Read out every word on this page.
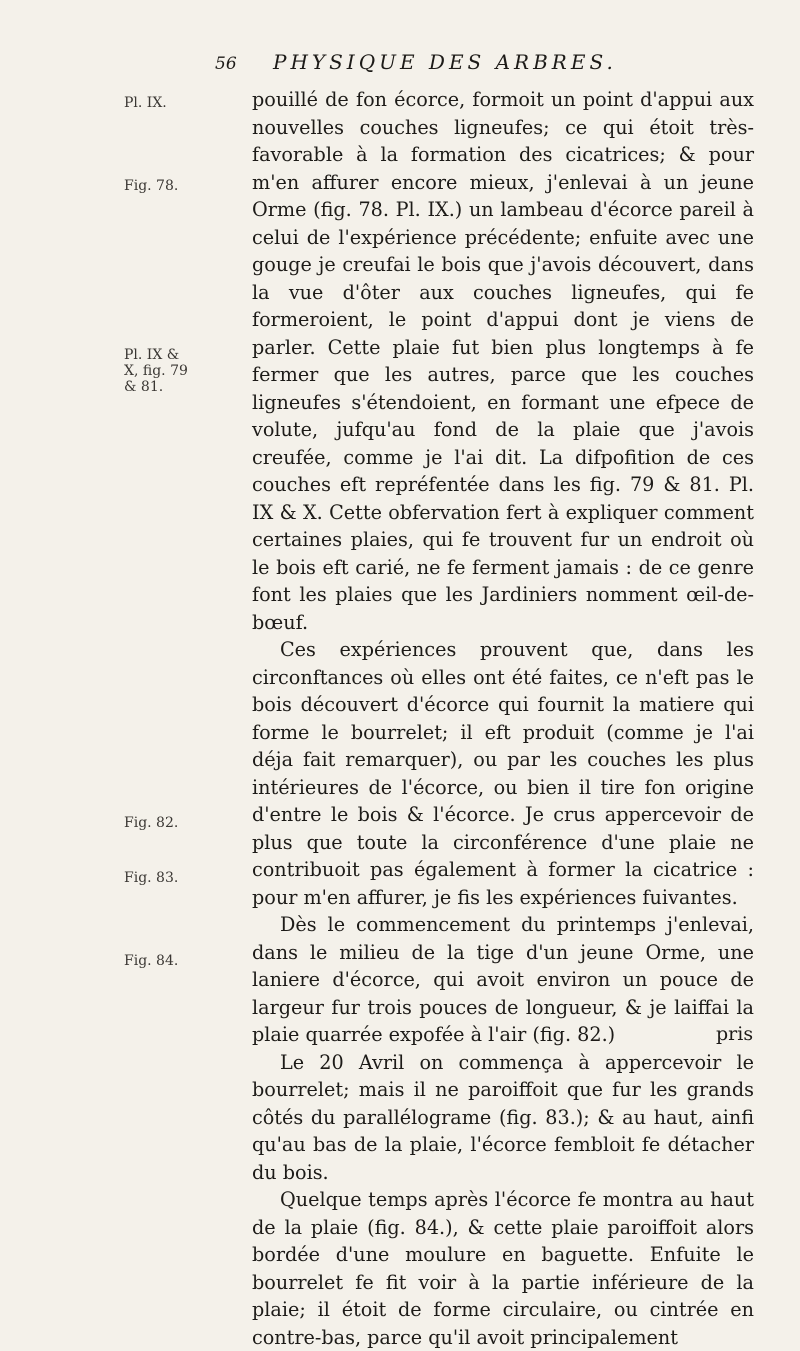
56 PHYSIQUE DES ARBRES.
Pl. IX.
Fig. 78.
Pl. IX & X, fig. 79 & 81.
Fig. 82.
Fig. 83.
Fig. 84.

pouillé de fon écorce, formoit un point d'appui aux nouvelles couches ligneufes; ce qui étoit très-favorable à la formation des cicatrices; & pour m'en affurer encore mieux, j'enlevai à un jeune Orme (fig. 78. Pl. IX.) un lambeau d'écorce pareil à celui de l'expérience précédente; enfuite avec une gouge je creufai le bois que j'avois découvert, dans la vue d'ôter aux couches ligneufes, qui fe formeroient, le point d'appui dont je viens de parler. Cette plaie fut bien plus longtemps à fe fermer que les autres, parce que les couches ligneufes s'étendoient, en formant une efpece de volute, jufqu'au fond de la plaie que j'avois creufée, comme je l'ai dit. La difpofition de ces couches eft repréfentée dans les fig. 79 & 81. Pl. IX & X. Cette obfervation fert à expliquer comment certaines plaies, qui fe trouvent fur un endroit où le bois eft carié, ne fe ferment jamais : de ce genre font les plaies que les Jardiniers nomment œil-de-bœuf.

Ces expériences prouvent que, dans les circonftances où elles ont été faites, ce n'eft pas le bois découvert d'écorce qui fournit la matiere qui forme le bourrelet; il eft produit (comme je l'ai déja fait remarquer), ou par les couches les plus intérieures de l'écorce, ou bien il tire fon origine d'entre le bois & l'écorce. Je crus appercevoir de plus que toute la circonférence d'une plaie ne contribuoit pas également à former la cicatrice : pour m'en affurer, je fis les expériences fuivantes.

Dès le commencement du printemps j'enlevai, dans le milieu de la tige d'un jeune Orme, une laniere d'écorce, qui avoit environ un pouce de largeur fur trois pouces de longueur, & je laiffai la plaie quarrée expofée à l'air (fig. 82.)

Le 20 Avril on commença à appercevoir le bourrelet; mais il ne paroiffoit que fur les grands côtés du parallélograme (fig. 83.); & au haut, ainfi qu'au bas de la plaie, l'écorce fembloit fe détacher du bois.

Quelque temps après l'écorce fe montra au haut de la plaie (fig. 84.), & cette plaie paroiffoit alors bordée d'une moulure en baguette. Enfuite le bourrelet fe fit voir à la partie inférieure de la plaie; il étoit de forme circulaire, ou cintrée en contre-bas, parce qu'il avoit principalement

pris
